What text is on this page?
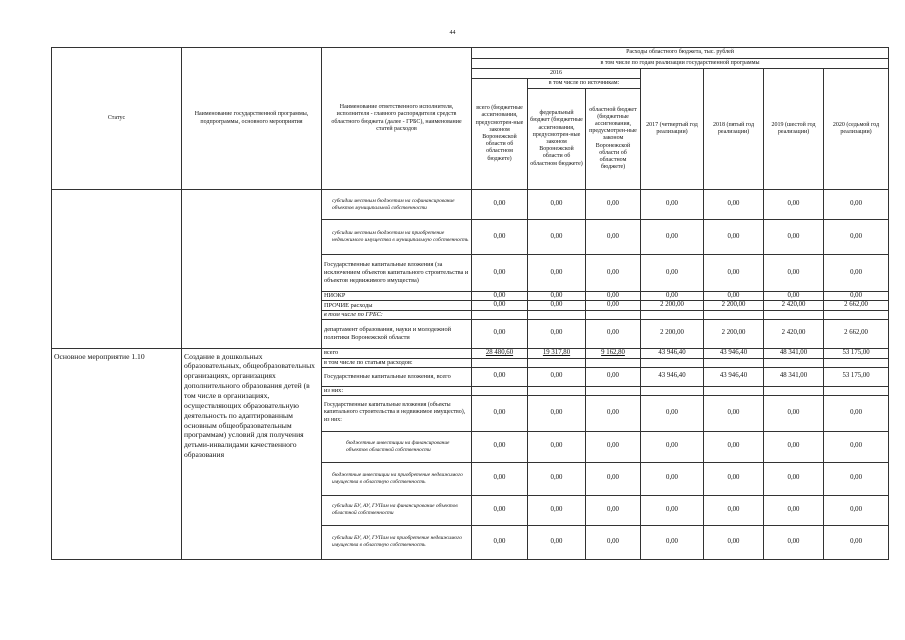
44
Статус	Наименование государственной программы, подпрограммы, основного мероприятия	Наименование ответственного исполнителя, исполнителя - главного распорядителя средств областного бюджета (далее - ГРБС), наименование статей расходов	Расходы областного бюджета, тыс. рублей						
			в том числе по годам реализации государственной программы						
			2016			2017 (четвертый год реализации)	2018 (пятый год реализации)	2019 (шестой год реализации)	2020 (седьмой год реализации)
			всего (бюджетные ассигнования, предусмотрен-ные законом Воронежской области об областном бюджете)	в том числе по источникам:					
				федеральный бюджет (бюджетные ассигнования, предусмотрен-ные законом Воронежской области об областном бюджете)	областной бюджет (бюджетные ассигнования, предусмотрен-ные законом Воронежской области об областном бюджете)				
		субсидии местным бюджетам на софинансирование объектов муниципальной собственности	0,00	0,00	0,00	0,00	0,00	0,00	0,00
		субсидии местным бюджетам на приобретение недвижимого имущества в муниципальную собственность	0,00	0,00	0,00	0,00	0,00	0,00	0,00
		Государственные капитальные вложения (за исключением объектов капитального строительства и объектов недвижимого имущества)	0,00	0,00	0,00	0,00	0,00	0,00	0,00
		НИОКР	0,00	0,00	0,00	0,00	0,00	0,00	0,00
		ПРОЧИЕ расходы	0,00	0,00	0,00	2 200,00	2 200,00	2 420,00	2 662,00
		в том числе по ГРБС:							
		департамент образования, науки и молодежной политики Воронежской области	0,00	0,00	0,00	2 200,00	2 200,00	2 420,00	2 662,00
Основное мероприятие 1.10	Создание в дошкольных образовательных, общеобразовательных организациях, организациях дополнительного образования детей (в том числе в организациях, осуществляющих образовательную деятельность по адаптированным основным общеобразовательным программам) условий для получения детьми-инвалидами качественного образования	всего	28 480,60	19 317,80	9 162,80	43 946,40	43 946,40	48 341,00	53 175,00
		в том числе по статьям расходов:							
		Государственные капитальные вложения, всего	0,00	0,00	0,00	43 946,40	43 946,40	48 341,00	53 175,00
		из них:							
		Государственные капитальные вложения (объекты капитального строительства и недвижимое имущество), из них:	0,00	0,00	0,00	0,00	0,00	0,00	0,00
		бюджетные инвестиции на финансирование объектов областной собственности	0,00	0,00	0,00	0,00	0,00	0,00	0,00
		бюджетные инвестиции на приобретение недвижимого имущества в областную собственность	0,00	0,00	0,00	0,00	0,00	0,00	0,00
		субсидии БУ, АУ, ГУПам на финансирование объектов областной собственности	0,00	0,00	0,00	0,00	0,00	0,00	0,00
		субсидии БУ, АУ, ГУПам на приобретение недвижимого имущества в областную собственность	0,00	0,00	0,00	0,00	0,00	0,00	0,00
